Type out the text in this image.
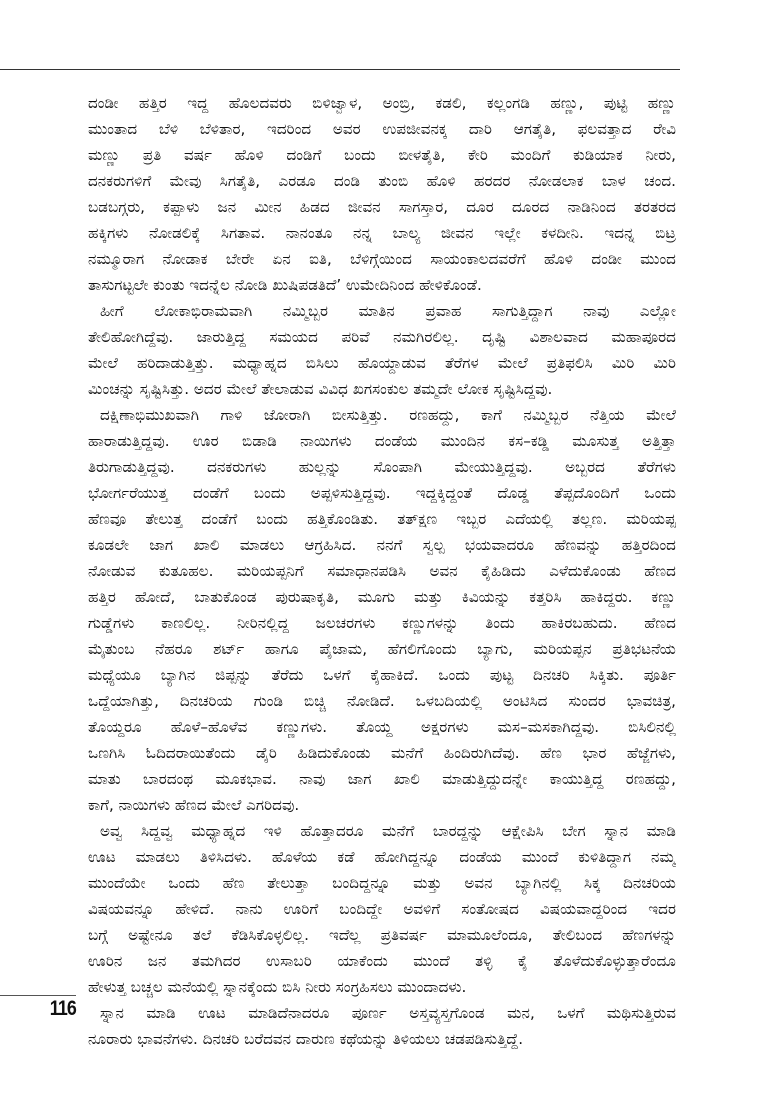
ದಂಡೀ ಹತ್ತಿರ ಇದ್ದ ಹೊಲದವರು ಬಿಳಿಜ್ವಾಳ, ಅಂಬ್ರಿ, ಕಡಲಿ, ಕಲ್ಲಂಗಡಿ ಹಣ್ಣು, ಪುಟ್ಟಿ ಹಣ್ಣು
ಮುಂತಾದ ಬೆಳಿ ಬೆಳಿತಾರ, ಇದರಿಂದ ಅವರ ಉಪಜೀವನಕ್ಕ ದಾರಿ ಆಗತೈತಿ, ಫಲವತ್ತಾದ ರೇವಿ
ಮಣ್ಣು ಪ್ರತಿ ವರ್ಷ ಹೊಳಿ ದಂಡಿಗೆ ಬಂದು ಬೀಳತೈತಿ, ಕೇರಿ ಮಂದಿಗೆ ಕುಡಿಯಾಕ ನೀರು,
ದನಕರುಗಳಿಗೆ ಮೇವು ಸಿಗತೈತಿ, ಎರಡೂ ದಂಡಿ ತುಂಬಿ ಹೊಳಿ ಹರದರ ನೋಡಲಾಕ ಬಾಳ ಚಂದ.
ಬಡಬಗ್ಗರು, ಕಪ್ಪಾಳು ಜನ ಮೀನ ಹಿಡದ ಜೀವನ ಸಾಗಸ್ತಾರ, ದೂರ ದೂರದ ನಾಡಿನಿಂದ ತರತರದ
ಹಕ್ಕಿಗಳು ನೋಡಲಿಕ್ಕೆ ಸಿಗತಾವ. ನಾನಂತೂ ನನ್ನ ಬಾಲ್ಯ ಜೀವನ ಇಲ್ಲೇ ಕಳದೀನಿ. ಇದನ್ನ ಬಿಟ್ರ
ನಮ್ಮೂರಾಗ ನೋಡಾಕ ಬೇರೇ ಏನ ಐತಿ, ಬೆಳಿಗ್ಗೆಯಿಂದ ಸಾಯಂಕಾಲದವರೆಗೆ ಹೊಳಿ ದಂಡೀ ಮುಂದ
ತಾಸುಗಟ್ಟಲೇ ಕುಂತು ಇದನ್ನೆಲ ನೋಡಿ ಖುಷಿಪಡತಿದೆ’ ಉಮೇದಿನಿಂದ ಹೇಳಿಕೊಂಡೆ.
ಹೀಗೆ ಲೋಕಾಭಿರಾಮವಾಗಿ ನಮ್ಮಿಬ್ಬರ ಮಾತಿನ ಪ್ರವಾಹ ಸಾಗುತ್ತಿದ್ದಾಗ ನಾವು ಎಲ್ಲೋ
ತೇಲಿಹೋಗಿದ್ದೆವು. ಜಾರುತ್ತಿದ್ದ ಸಮಯದ ಪರಿವೆ ನಮಗಿರಲಿಲ್ಲ. ದೃಷ್ಟಿ ವಿಶಾಲವಾದ ಮಹಾಪೂರದ
ಮೇಲೆ ಹರಿದಾಡುತ್ತಿತ್ತು. ಮಧ್ಯಾಹ್ನದ ಬಿಸಿಲು ಹೊಯ್ದಾಡುವ ತೆರೆಗಳ ಮೇಲೆ ಪ್ರತಿಫಲಿಸಿ ಮಿರಿ ಮಿರಿ
ಮಿಂಚನ್ನು ಸೃಷ್ಟಿಸಿತ್ತು. ಅದರ ಮೇಲೆ ತೇಲಾಡುವ ವಿವಿಧ ಖಗಸಂಕುಲ ತಮ್ಮದೇ ಲೋಕ ಸೃಷ್ಟಿಸಿದ್ದವು.
ದಕ್ಷಿಣಾಭಿಮುಖವಾಗಿ ಗಾಳಿ ಜೋರಾಗಿ ಬೀಸುತ್ತಿತ್ತು. ರಣಹದ್ದು, ಕಾಗೆ ನಮ್ಮಿಬ್ಬರ ನೆತ್ತಿಯ ಮೇಲೆ
ಹಾರಾಡುತ್ತಿದ್ದವು. ಊರ ಬಿಡಾಡಿ ನಾಯಿಗಳು ದಂಡೆಯ ಮುಂದಿನ ಕಸ–ಕಡ್ಡಿ ಮೂಸುತ್ತ ಅತ್ತಿತ್ತಾ
ತಿರುಗಾಡುತ್ತಿದ್ದವು. ದನಕರುಗಳು ಹುಲ್ಲನ್ನು ಸೊಂಪಾಗಿ ಮೇಯುತ್ತಿದ್ದವು. ಅಬ್ಬರದ ತೆರೆಗಳು
ಭೋರ್ಗರೆಯುತ್ತ ದಂಡೆಗೆ ಬಂದು ಅಪ್ಪಳಿಸುತ್ತಿದ್ದವು. ಇದ್ದಕ್ಕಿದ್ದಂತೆ ದೊಡ್ಡ ತೆಪ್ಪದೊಂದಿಗೆ ಒಂದು
ಹೆಣವೂ ತೇಲುತ್ತ ದಂಡೆಗೆ ಬಂದು ಹತ್ತಿಕೊಂಡಿತು. ತತ್‌ಕ್ಷಣ ಇಬ್ಬರ ಎದೆಯಲ್ಲಿ ತಲ್ಲಣ. ಮರಿಯಪ್ಪ
ಕೂಡಲೇ ಜಾಗ ಖಾಲಿ ಮಾಡಲು ಆಗ್ರಹಿಸಿದ. ನನಗೆ ಸ್ವಲ್ಪ ಭಯವಾದರೂ ಹೆಣವನ್ನು ಹತ್ತಿರದಿಂದ
ನೋಡುವ ಕುತೂಹಲ. ಮರಿಯಪ್ಪನಿಗೆ ಸಮಾಧಾನಪಡಿಸಿ ಅವನ ಕೈಹಿಡಿದು ಎಳೆದುಕೊಂಡು ಹೆಣದ
ಹತ್ತಿರ ಹೋದೆ, ಬಾತುಕೊಂಡ ಪುರುಷಾಕೃತಿ, ಮೂಗು ಮತ್ತು ಕಿವಿಯನ್ನು ಕತ್ತರಿಸಿ ಹಾಕಿದ್ದರು. ಕಣ್ಣು
ಗುಡ್ಡೆಗಳು ಕಾಣಲಿಲ್ಲ. ನೀರಿನಲ್ಲಿದ್ದ ಜಲಚರಗಳು ಕಣ್ಣುಗಳನ್ನು ತಿಂದು ಹಾಕಿರಬಹುದು. ಹೆಣದ
ಮೈತುಂಬ ನೆಹರೂ ಶರ್ಟ್ ಹಾಗೂ ಪೈಜಾಮ, ಹೆಗಲಿಗೊಂದು ಬ್ಯಾಗು, ಮರಿಯಪ್ಪನ ಪ್ರತಿಭಟನೆಯ
ಮಧ್ಯೆಯೂ ಬ್ಯಾಗಿನ ಜಿಪ್ಪನ್ನು ತೆರೆದು ಒಳಗೆ ಕೈಹಾಕಿದೆ. ಒಂದು ಪುಟ್ಟ ದಿನಚರಿ ಸಿಕ್ಕಿತು. ಪೂರ್ತಿ
ಒದ್ದೆಯಾಗಿತ್ತು, ದಿನಚರಿಯ ಗುಂಡಿ ಬಿಚ್ಚಿ ನೋಡಿದೆ. ಒಳಬದಿಯಲ್ಲಿ ಅಂಟಿಸಿದ ಸುಂದರ ಭಾವಚಿತ್ರ,
ತೊಯ್ದರೂ ಹೊಳೆ–ಹೊಳೆವ ಕಣ್ಣುಗಳು. ತೊಯ್ದ ಅಕ್ಷರಗಳು ಮಸ–ಮಸಕಾಗಿದ್ದವು. ಬಿಸಿಲಿನಲ್ಲಿ
ಒಣಗಿಸಿ ಓದಿದರಾಯಿತೆಂದು ಡೈರಿ ಹಿಡಿದುಕೊಂಡು ಮನೆಗೆ ಹಿಂದಿರುಗಿದೆವು. ಹೆಣ ಭಾರ ಹೆಜ್ಜೆಗಳು,
ಮಾತು ಬಾರದಂಥ ಮೂಕಭಾವ. ನಾವು ಜಾಗ ಖಾಲಿ ಮಾಡುತ್ತಿದ್ದುದನ್ನೇ ಕಾಯುತ್ತಿದ್ದ ರಣಹದ್ದು,
ಕಾಗೆ, ನಾಯಿಗಳು ಹೆಣದ ಮೇಲೆ ಎಗರಿದವು.
ಅವ್ವ ಸಿದ್ದವ್ವ ಮಧ್ಯಾಹ್ನದ ಇಳಿ ಹೊತ್ತಾದರೂ ಮನೆಗೆ ಬಾರದ್ದನ್ನು ಆಕ್ಷೇಪಿಸಿ ಬೇಗ ಸ್ನಾನ ಮಾಡಿ
ಊಟ ಮಾಡಲು ತಿಳಿಸಿದಳು. ಹೊಳೆಯ ಕಡೆ ಹೋಗಿದ್ದನ್ನೂ ದಂಡೆಯ ಮುಂದೆ ಕುಳಿತಿದ್ದಾಗ ನಮ್ಮ
ಮುಂದೆಯೇ ಒಂದು ಹೆಣ ತೇಲುತ್ತಾ ಬಂದಿದ್ದನ್ನೂ ಮತ್ತು ಅವನ ಬ್ಯಾಗಿನಲ್ಲಿ ಸಿಕ್ಕ ದಿನಚರಿಯ
ವಿಷಯವನ್ನೂ ಹೇಳಿದೆ. ನಾನು ಊರಿಗೆ ಬಂದಿದ್ದೇ ಅವಳಿಗೆ ಸಂತೋಷದ ವಿಷಯವಾದ್ದರಿಂದ ಇದರ
ಬಗ್ಗೆ ಅಷ್ಟೇನೂ ತಲೆ ಕೆಡಿಸಿಕೊಳ್ಳಲಿಲ್ಲ. ಇದೆಲ್ಲ ಪ್ರತಿವರ್ಷ ಮಾಮೂಲೆಂದೂ, ತೇಲಿಬಂದ ಹೆಣಗಳನ್ನು
ಊರಿನ ಜನ ತಮಗಿದರ ಉಸಾಬರಿ ಯಾಕೆಂದು ಮುಂದೆ ತಳ್ಳಿ ಕೈ ತೊಳೆದುಕೊಳ್ಳುತ್ತಾರೆಂದೂ
ಹೇಳುತ್ತ ಬಚ್ಚಲ ಮನೆಯಲ್ಲಿ ಸ್ನಾನಕ್ಕೆಂದು ಬಿಸಿ ನೀರು ಸಂಗ್ರಹಿಸಲು ಮುಂದಾದಳು.
ಸ್ನಾನ ಮಾಡಿ ಊಟ ಮಾಡಿದೆನಾದರೂ ಪೂರ್ಣ ಅಸ್ತವ್ಯಸ್ತಗೊಂಡ ಮನ, ಒಳಗೆ ಮಥಿಸುತ್ತಿರುವ
ನೂರಾರು ಭಾವನೆಗಳು. ದಿನಚರಿ ಬರೆದವನ ದಾರುಣ ಕಥೆಯನ್ನು ತಿಳಿಯಲು ಚಡಪಡಿಸುತ್ತಿದ್ದೆ.
116
